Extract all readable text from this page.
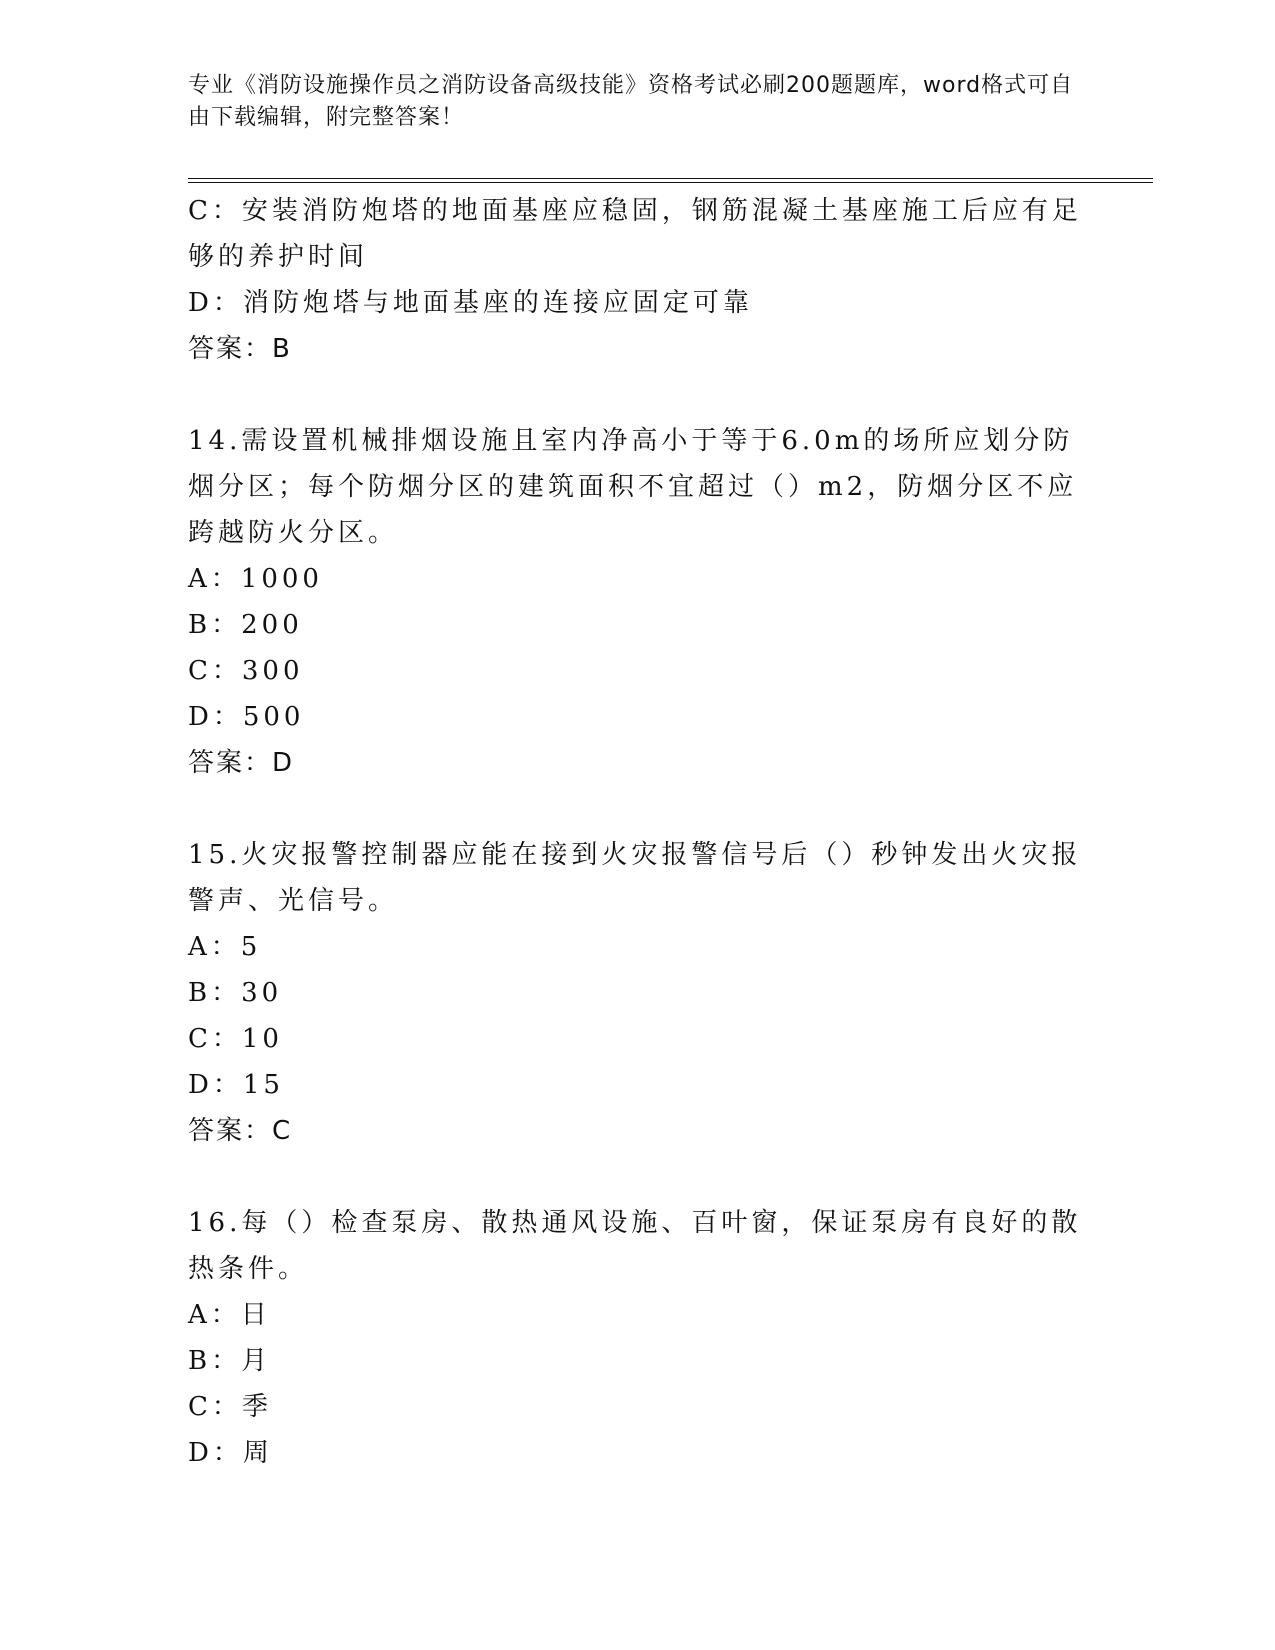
专业《消防设施操作员之消防设备高级技能》资格考试必刷200题题库，word格式可自由下载编辑，附完整答案！

C：安装消防炮塔的地面基座应稳固，钢筋混凝土基座施工后应有足够的养护时间

D：消防炮塔与地面基座的连接应固定可靠

答案：B

14.需设置机械排烟设施且室内净高小于等于6.0m的场所应划分防烟分区；每个防烟分区的建筑面积不宜超过（）m2，防烟分区不应跨越防火分区。

A：1000

B：200

C：300

D：500

答案：D

15.火灾报警控制器应能在接到火灾报警信号后（）秒钟发出火灾报警声、光信号。

A：5

B：30

C：10

D：15

答案：C

16.每（）检查泵房、散热通风设施、百叶窗，保证泵房有良好的散热条件。

A：日

B：月

C：季

D：周
